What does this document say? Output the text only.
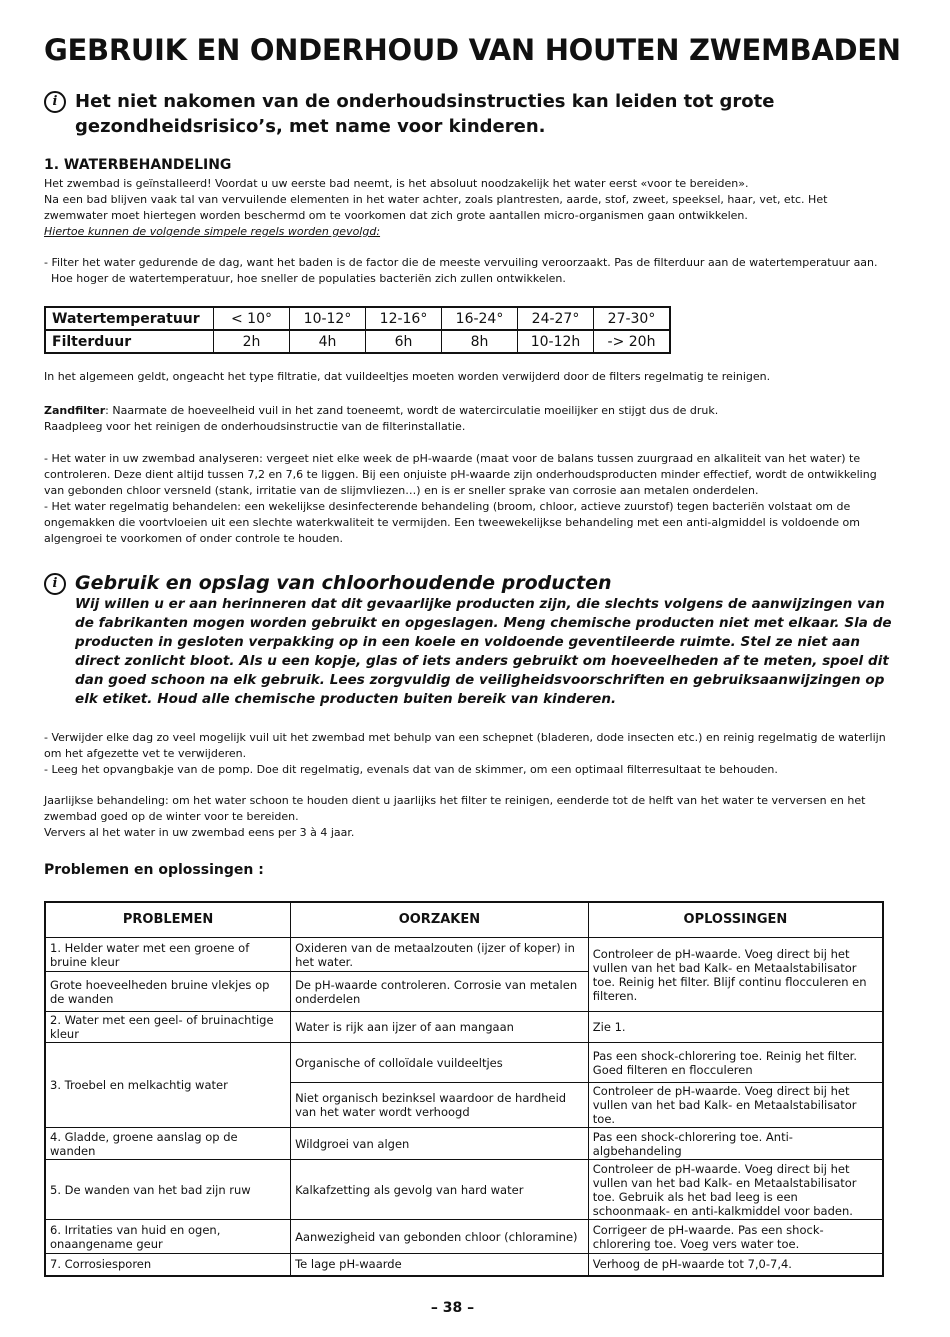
GEBRUIK EN ONDERHOUD VAN HOUTEN ZWEMBADEN
i Het niet nakomen van de onderhoudsinstructies kan leiden tot grote gezondheidsrisico’s, met name voor kinderen.
1. WATERBEHANDELING

Het zwembad is geïnstalleerd! Voordat u uw eerste bad neemt, is het absoluut noodzakelijk het water eerst «voor te bereiden».

Na een bad blijven vaak tal van vervuilende elementen in het water achter, zoals plantresten, aarde, stof, zweet, speeksel, haar, vet, etc. Het zwemwater moet hiertegen worden beschermd om te voorkomen dat zich grote aantallen micro-organismen gaan ontwikkelen.

Hiertoe kunnen de volgende simpele regels worden gevolgd:

- Filter het water gedurende de dag, want het baden is de factor die de meeste vervuiling veroorzaakt. Pas de filterduur aan de watertemperatuur aan.

Hoe hoger de watertemperatuur, hoe sneller de populaties bacteriën zich zullen ontwikkelen.

Watertemperatuur	< 10°	10-12°	12-16°	16-24°	24-27°	27-30°
Filterduur	2h	4h	6h	8h	10-12h	-> 20h

In het algemeen geldt, ongeacht het type filtratie, dat vuildeeltjes moeten worden verwijderd door de filters regelmatig te reinigen.

Zandfilter: Naarmate de hoeveelheid vuil in het zand toeneemt, wordt de watercirculatie moeilijker en stijgt dus de druk.

Raadpleeg voor het reinigen de onderhoudsinstructie van de filterinstallatie.

- Het water in uw zwembad analyseren: vergeet niet elke week de pH-waarde (maat voor de balans tussen zuurgraad en alkaliteit van het water) te controleren. Deze dient altijd tussen 7,2 en 7,6 te liggen. Bij een onjuiste pH-waarde zijn onderhoudsproducten minder effectief, wordt de ontwikkeling van gebonden chloor versneld (stank, irritatie van de slijmvliezen…) en is er sneller sprake van corrosie aan metalen onderdelen.

- Het water regelmatig behandelen: een wekelijkse desinfecterende behandeling (broom, chloor, actieve zuurstof) tegen bacteriën volstaat om de ongemakken die voortvloeien uit een slechte waterkwaliteit te vermijden. Een tweewekelijkse behandeling met een anti-algmiddel is voldoende om algengroei te voorkomen of onder controle te houden.

i Gebruik en opslag van chloorhoudende producten
Wij willen u er aan herinneren dat dit gevaarlijke producten zijn, die slechts volgens de aanwijzingen van de fabrikanten mogen worden gebruikt en opgeslagen. Meng chemische producten niet met elkaar. Sla de producten in gesloten verpakking op in een koele en voldoende geventileerde ruimte. Stel ze niet aan direct zonlicht bloot. Als u een kopje, glas of iets anders gebruikt om hoeveelheden af te meten, spoel dit dan goed schoon na elk gebruik. Lees zorgvuldig de veiligheidsvoorschriften en gebruiksaanwijzingen op elk etiket. Houd alle chemische producten buiten bereik van kinderen.

- Verwijder elke dag zo veel mogelijk vuil uit het zwembad met behulp van een schepnet (bladeren, dode insecten etc.) en reinig regelmatig de waterlijn om het afgezette vet te verwijderen.

- Leeg het opvangbakje van de pomp. Doe dit regelmatig, evenals dat van de skimmer, om een optimaal filterresultaat te behouden.

Jaarlijkse behandeling: om het water schoon te houden dient u jaarlijks het filter te reinigen, eenderde tot de helft van het water te verversen en het zwembad goed op de winter voor te bereiden.

Ververs al het water in uw zwembad eens per 3 à 4 jaar.

Problemen en oplossingen :
PROBLEMEN	OORZAKEN	OPLOSSINGEN
1. Helder water met een groene of bruine kleur	Oxideren van de metaalzouten (ijzer of koper) in het water.	Controleer de pH-waarde. Voeg direct bij het vullen van het bad Kalk- en Metaalstabilisator toe. Reinig het filter. Blijf continu flocculeren en filteren.
Grote hoeveelheden bruine vlekjes op de wanden	De pH-waarde controleren. Corrosie van metalen onderdelen	
2. Water met een geel- of bruinachtige kleur	Water is rijk aan ijzer of aan mangaan	Zie 1.
3. Troebel en melkachtig water	Organische of colloïdale vuildeeltjes	Pas een shock-chlorering toe. Reinig het filter. Goed filteren en flocculeren
	Niet organisch bezinksel waardoor de hardheid van het water wordt verhoogd	Controleer de pH-waarde. Voeg direct bij het vullen van het bad Kalk- en Metaalstabilisator toe.
4. Gladde, groene aanslag op de wanden	Wildgroei van algen	Pas een shock-chlorering toe. Anti-algbehandeling
5. De wanden van het bad zijn ruw	Kalkafzetting als gevolg van hard water	Controleer de pH-waarde. Voeg direct bij het vullen van het bad Kalk- en Metaalstabilisator toe. Gebruik als het bad leeg is een schoonmaak- en anti-kalkmiddel voor baden.
6. Irritaties van huid en ogen, onaangename geur	Aanwezigheid van gebonden chloor (chloramine)	Corrigeer de pH-waarde. Pas een shock-chlorering toe. Voeg vers water toe.
7. Corrosiesporen	Te lage pH-waarde	Verhoog de pH-waarde tot 7,0-7,4.
– 38 –
